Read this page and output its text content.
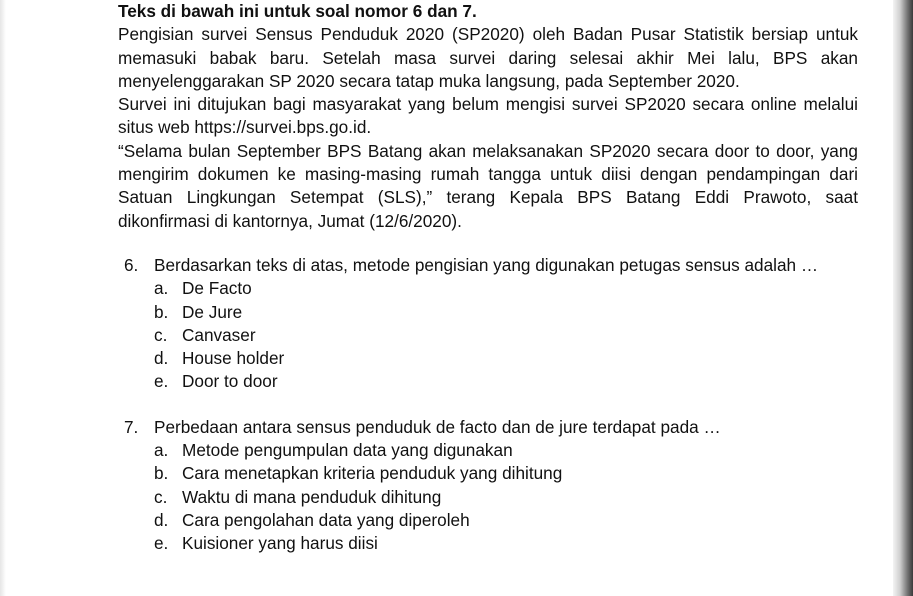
Teks di bawah ini untuk soal nomor 6 dan 7.
Pengisian survei Sensus Penduduk 2020 (SP2020) oleh Badan Pusar Statistik bersiap untuk memasuki babak baru. Setelah masa survei daring selesai akhir Mei lalu, BPS akan menyelenggarakan SP 2020 secara tatap muka langsung, pada September 2020.
Survei ini ditujukan bagi masyarakat yang belum mengisi survei SP2020 secara online melalui situs web https://survei.bps.go.id.
“Selama bulan September BPS Batang akan melaksanakan SP2020 secara door to door, yang mengirim dokumen ke masing-masing rumah tangga untuk diisi dengan pendampingan dari Satuan Lingkungan Setempat (SLS),” terang Kepala BPS Batang Eddi Prawoto, saat dikonfirmasi di kantornya, Jumat (12/6/2020).
6. Berdasarkan teks di atas, metode pengisian yang digunakan petugas sensus adalah …
a. De Facto
b. De Jure
c. Canvaser
d. House holder
e. Door to door
7. Perbedaan antara sensus penduduk de facto dan de jure terdapat pada …
a. Metode pengumpulan data yang digunakan
b. Cara menetapkan kriteria penduduk yang dihitung
c. Waktu di mana penduduk dihitung
d. Cara pengolahan data yang diperoleh
e. Kuisioner yang harus diisi
